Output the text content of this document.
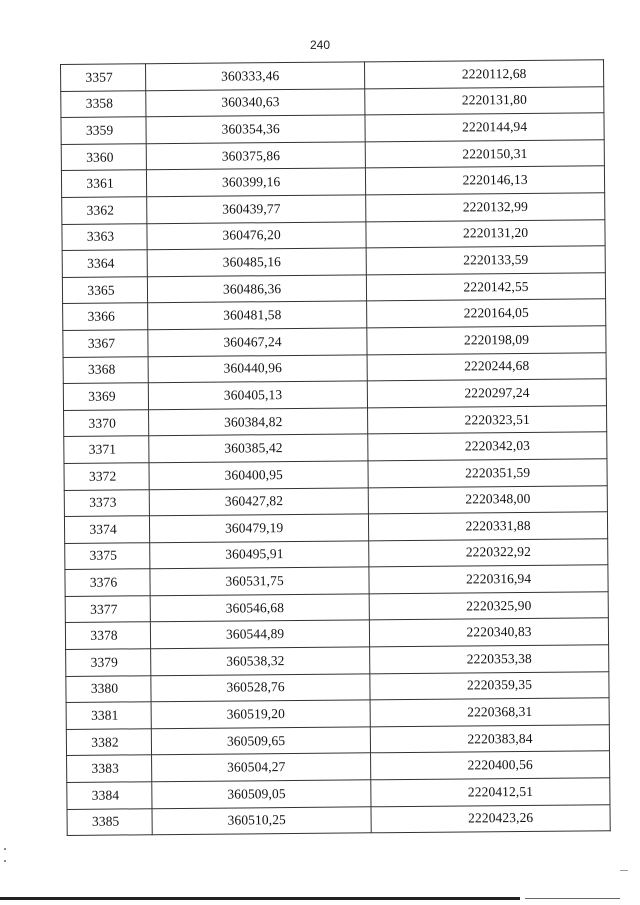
240
3357	360333,46	2220112,68
3358	360340,63	2220131,80
3359	360354,36	2220144,94
3360	360375,86	2220150,31
3361	360399,16	2220146,13
3362	360439,77	2220132,99
3363	360476,20	2220131,20
3364	360485,16	2220133,59
3365	360486,36	2220142,55
3366	360481,58	2220164,05
3367	360467,24	2220198,09
3368	360440,96	2220244,68
3369	360405,13	2220297,24
3370	360384,82	2220323,51
3371	360385,42	2220342,03
3372	360400,95	2220351,59
3373	360427,82	2220348,00
3374	360479,19	2220331,88
3375	360495,91	2220322,92
3376	360531,75	2220316,94
3377	360546,68	2220325,90
3378	360544,89	2220340,83
3379	360538,32	2220353,38
3380	360528,76	2220359,35
3381	360519,20	2220368,31
3382	360509,65	2220383,84
3383	360504,27	2220400,56
3384	360509,05	2220412,51
3385	360510,25	2220423,26
